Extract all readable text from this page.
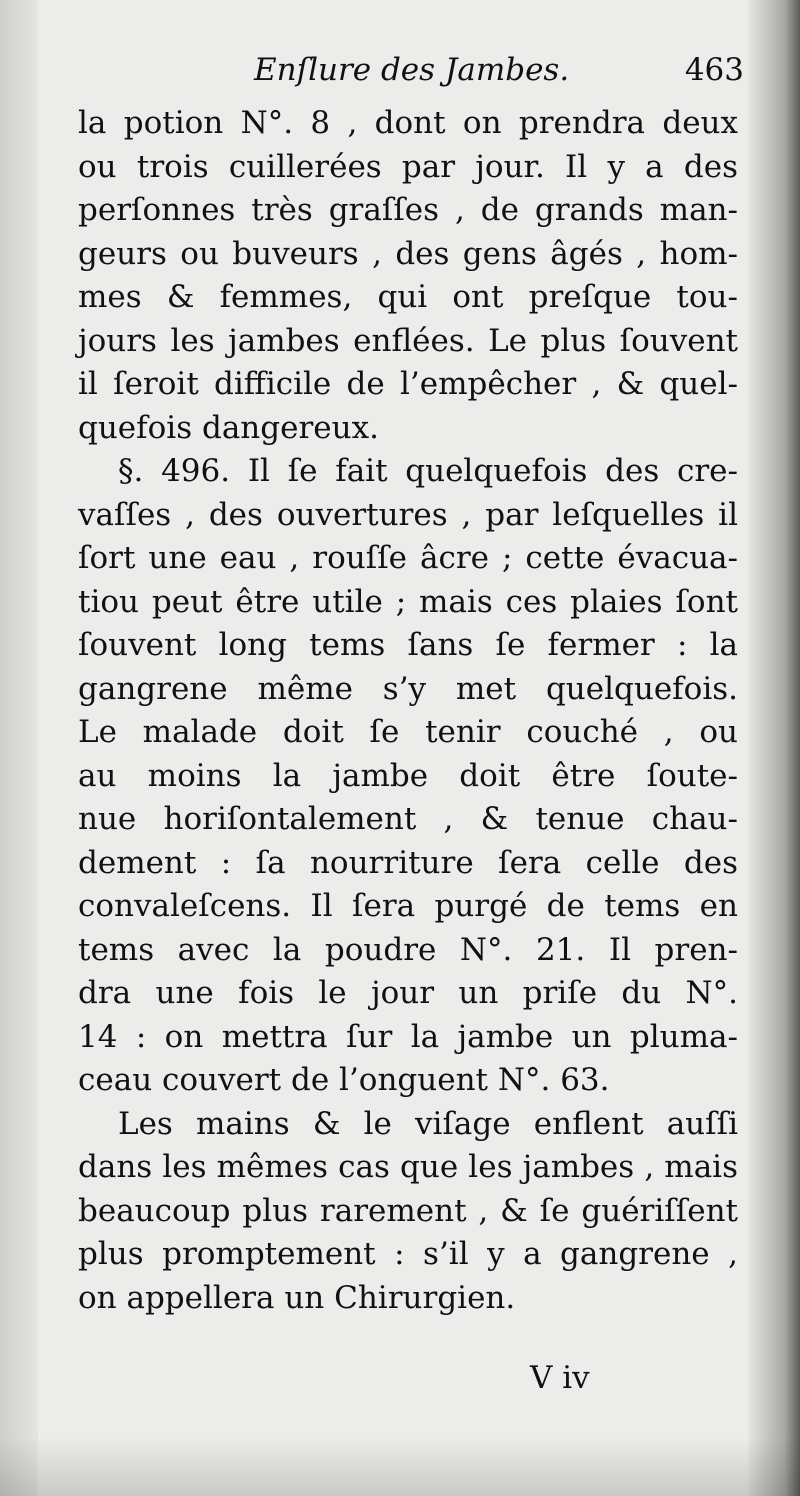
Enſlure des Jambes.	463
la potion N°. 8 , dont on prendra deux
ou trois cuillerées par jour. Il y a des
perſonnes très graſſes , de grands man-
geurs ou buveurs , des gens âgés , hom-
mes & femmes, qui ont preſque tou-
jours les jambes enflées. Le plus ſouvent
il ſeroit difficile de l’empêcher , & quel-
quefois dangereux.
§. 496. Il ſe fait quelquefois des cre-
vaſſes , des ouvertures , par leſquelles il
ſort une eau , rouſſe âcre ; cette évacua-
tiou peut être utile ; mais ces plaies ſont
ſouvent long tems ſans ſe fermer : la
gangrene même s’y met quelquefois.
Le malade doit ſe tenir couché , ou
au moins la jambe doit être ſoute-
nue horiſontalement , & tenue chau-
dement : ſa nourriture ſera celle des
convaleſcens. Il ſera purgé de tems en
tems avec la poudre N°. 21. Il pren-
dra une fois le jour un priſe du N°.
14 : on mettra ſur la jambe un pluma-
ceau couvert de l’onguent N°. 63.
Les mains & le viſage enflent auſſi
dans les mêmes cas que les jambes , mais
beaucoup plus rarement , & ſe guériſſent
plus promptement : s’il y a gangrene ,
on appellera un Chirurgien.
V iv
